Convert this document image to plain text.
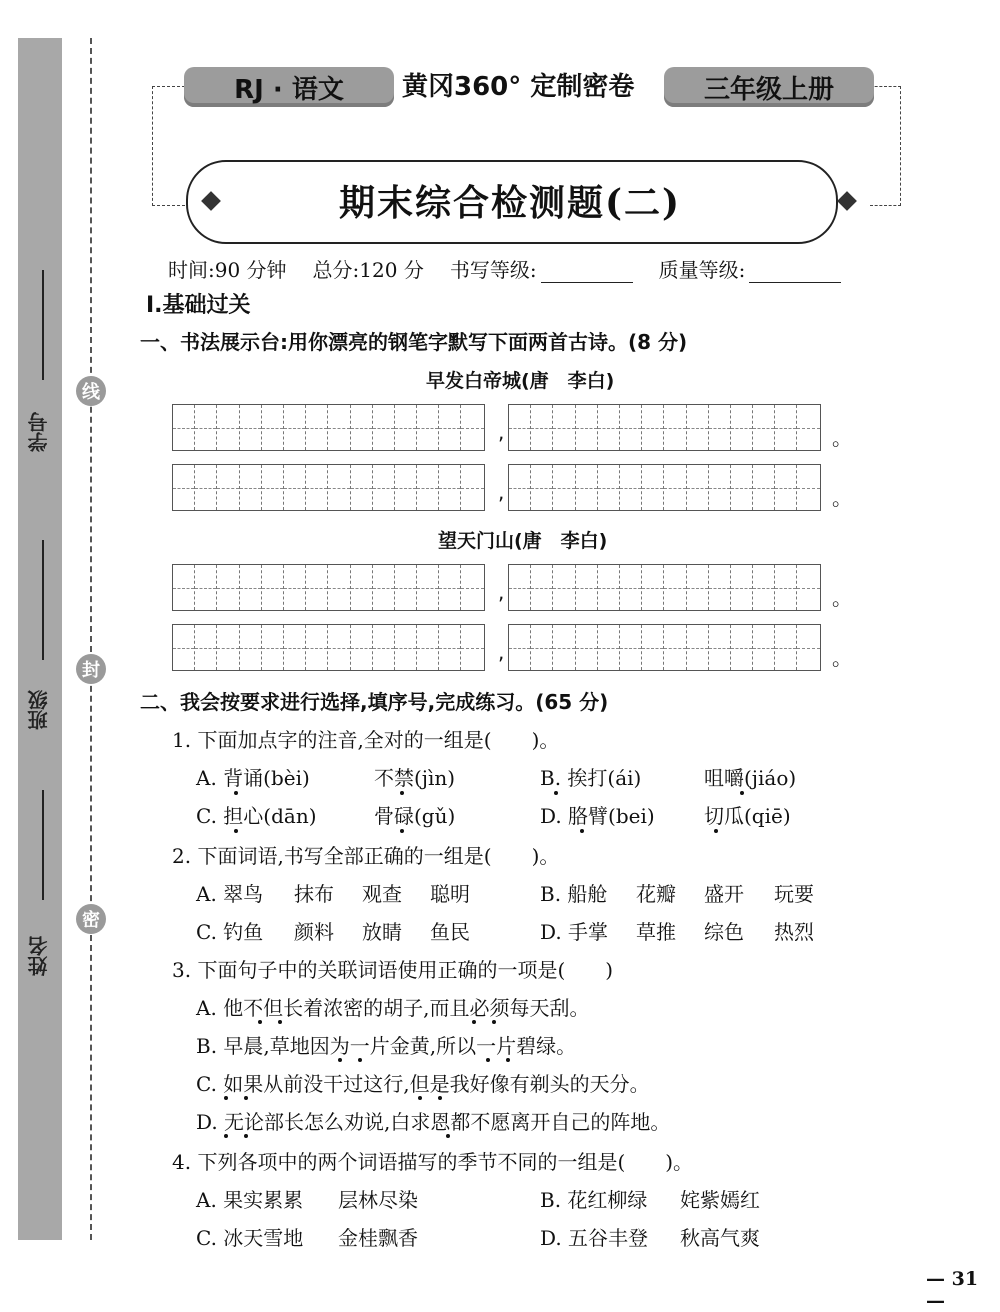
线
封
密
学号
班级
姓名
RJ · 语文	黄冈360° 定制密卷	三年级上册
期末综合检测题(二)
时间:90 分钟 总分:120 分 书写等级:	质量等级:
Ⅰ.基础过关
一、书法展示台:用你漂亮的钢笔字默写下面两首古诗。(8 分)
早发白帝城(唐　李白)
望天门山(唐　李白)
,	。
,	。
,	。
,	。
二、我会按要求进行选择,填序号,完成练习。(65 分)
1. 下面加点字的注音,全对的一组是(　　)。
A. 背诵(bèi)	不禁(jìn)	B. 挨打(ái)	咀嚼(jiáo)
C. 担心(dān)	骨碌(gǔ)	D. 胳臂(bei) 切瓜(qiē)
2. 下面词语,书写全部正确的一组是(　　)。
A. 翠鸟 抹布 观查 聪明	B. 船舱 花瓣 盛开 玩要
C. 钓鱼 颜料 放睛 鱼民	D. 手掌 草推 综色 热烈
3. 下面句子中的关联词语使用正确的一项是(　　)
A. 他不但长着浓密的胡子,而且必须每天刮。
B. 早晨,草地因为一片金黄,所以一片碧绿。
C. 如果从前没干过这行,但是我好像有剃头的天分。
D. 无论部长怎么劝说,白求恩都不愿离开自己的阵地。
4. 下列各项中的两个词语描写的季节不同的一组是(　　)。
A. 果实累累 层林尽染	B. 花红柳绿 姹紫嫣红
C. 冰天雪地 金桂飘香	D. 五谷丰登 秋高气爽
— 31 —
